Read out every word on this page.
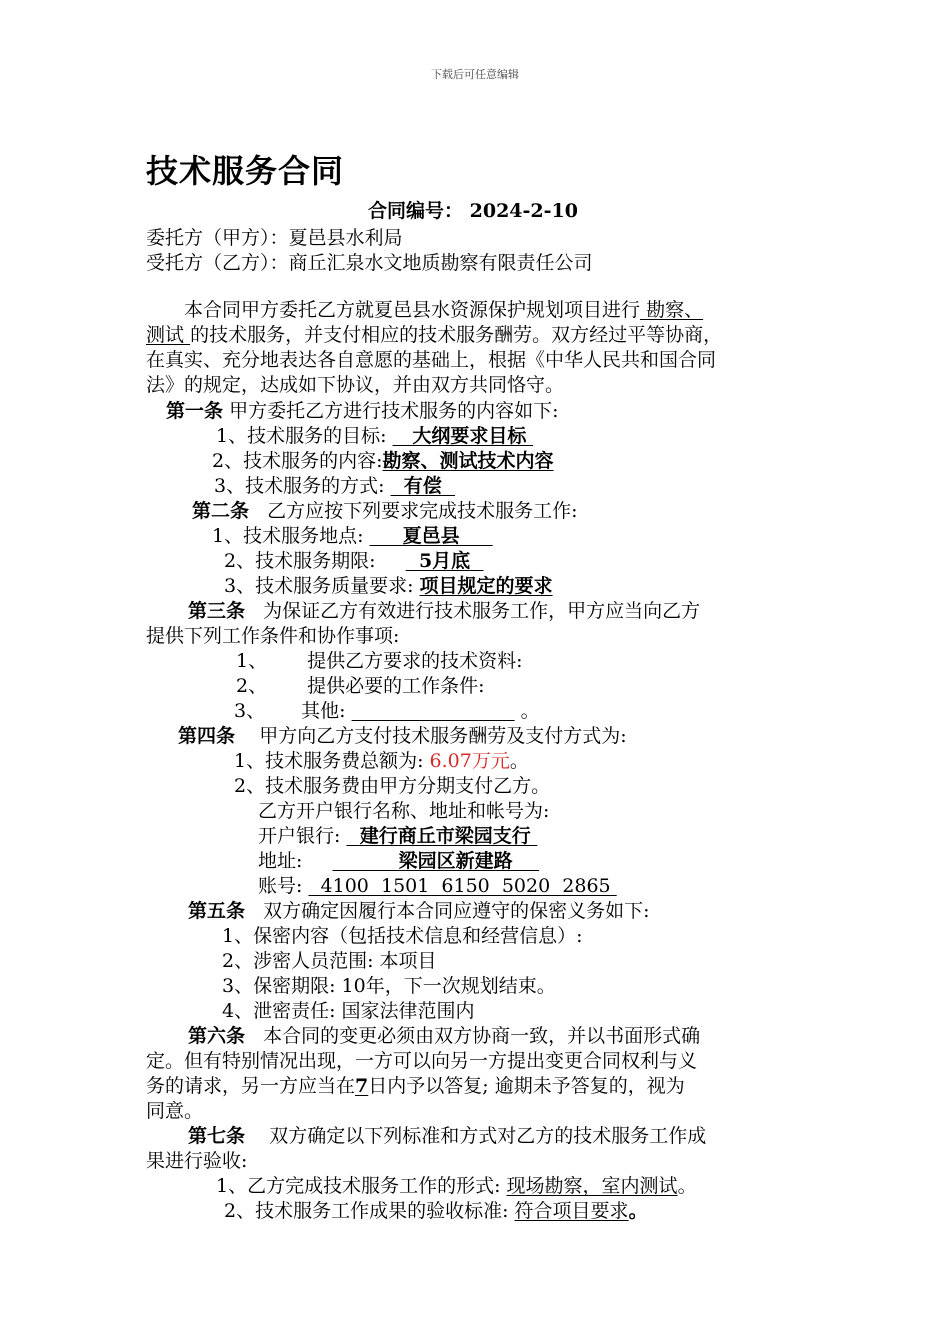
下载后可任意编辑
技术服务合同
合同编号： 2024-2-10
委托方（甲方）：夏邑县水利局
受托方（乙方）：商丘汇泉水文地质勘察有限责任公司
本合同甲方委托乙方就夏邑县水资源保护规划项目进行 勘察、
测试 的技术服务，并支付相应的技术服务酬劳。双方经过平等协商，
在真实、充分地表达各自意愿的基础上，根据《中华人民共和国合同
法》的规定，达成如下协议，并由双方共同恪守。
第一条 甲方委托乙方进行技术服务的内容如下:
1、技术服务的目标: 大纲要求目标
2、技术服务的内容:勘察、测试技术内容
3、技术服务的方式: 有偿
第二条 乙方应按下列要求完成技术服务工作:
1、技术服务地点: 夏邑县
2、技术服务期限: 5月底
3、技术服务质量要求: 项目规定的要求
第三条 为保证乙方有效进行技术服务工作，甲方应当向乙方
提供下列工作条件和协作事项:
1、 提供乙方要求的技术资料:
2、 提供必要的工作条件:
3、 其他:	。
第四条 甲方向乙方支付技术服务酬劳及支付方式为:
1、技术服务费总额为: 6.07万元。
2、技术服务费由甲方分期支付乙方。
乙方开户银行名称、地址和帐号为:
开户银行: 建行商丘市梁园支行
地址:	梁园区新建路
账号: 4100  1501  6150  5020  2865
第五条 双方确定因履行本合同应遵守的保密义务如下:
1、保密内容（包括技术信息和经营信息）:
2、涉密人员范围: 本项目
3、保密期限: 10年，下一次规划结束。
4、泄密责任: 国家法律范围内
第六条 本合同的变更必须由双方协商一致，并以书面形式确
定。但有特别情况出现，一方可以向另一方提出变更合同权利与义
务的请求，另一方应当在7日内予以答复; 逾期未予答复的，视为
同意。
第七条 双方确定以下列标准和方式对乙方的技术服务工作成
果进行验收:
1、乙方完成技术服务工作的形式: 现场勘察，室内测试。
2、技术服务工作成果的验收标准: 符合项目要求。
